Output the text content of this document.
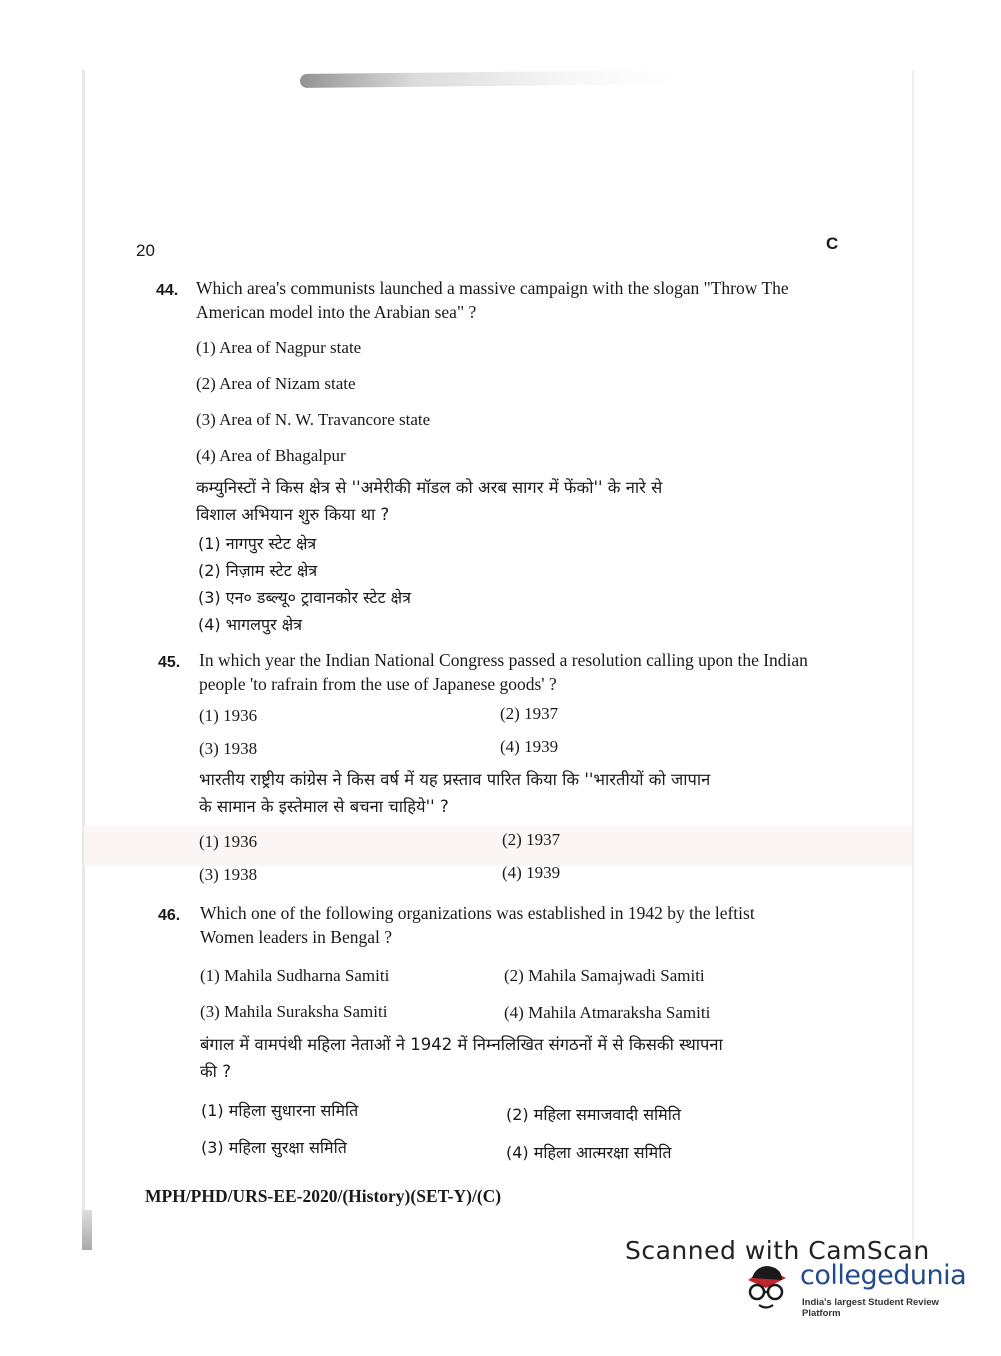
20	C
44. Which area's communists launched a massive campaign with the slogan "Throw The
American model into the Arabian sea" ?
(1) Area of Nagpur state
(2) Area of Nizam state
(3) Area of N. W. Travancore state
(4) Area of Bhagalpur
कम्युनिस्टों ने किस क्षेत्र से ''अमेरीकी मॉडल को अरब सागर में फेंको'' के नारे से
विशाल अभियान शुरु किया था ?
(1) नागपुर स्टेट क्षेत्र
(2) निज़ाम स्टेट क्षेत्र
(3) एन० डब्ल्यू० ट्रावानकोर स्टेट क्षेत्र
(4) भागलपुर क्षेत्र
45. In which year the Indian National Congress passed a resolution calling upon the Indian
people 'to rafrain from the use of Japanese goods' ?
(1) 1936	(2) 1937
(3) 1938	(4) 1939
भारतीय राष्ट्रीय कांग्रेस ने किस वर्ष में यह प्रस्ताव पारित किया कि ''भारतीयों को जापान
के सामान के इस्तेमाल से बचना चाहिये'' ?
(1) 1936	(2) 1937
(3) 1938	(4) 1939
46. Which one of the following organizations was established in 1942 by the leftist
Women leaders in Bengal ?
(1) Mahila Sudharna Samiti	(2) Mahila Samajwadi Samiti
(3) Mahila Suraksha Samiti	(4) Mahila Atmaraksha Samiti
बंगाल में वामपंथी महिला नेताओं ने 1942 में निम्नलिखित संगठनों में से किसकी स्थापना
की ?
(1) महिला सुधारना समिति	(2) महिला समाजवादी समिति
(3) महिला सुरक्षा समिति	(4) महिला आत्मरक्षा समिति
MPH/PHD/URS-EE-2020/(History)(SET-Y)/(C)
Scanned with CamScan
collegedunia
India's largest Student Review Platform
